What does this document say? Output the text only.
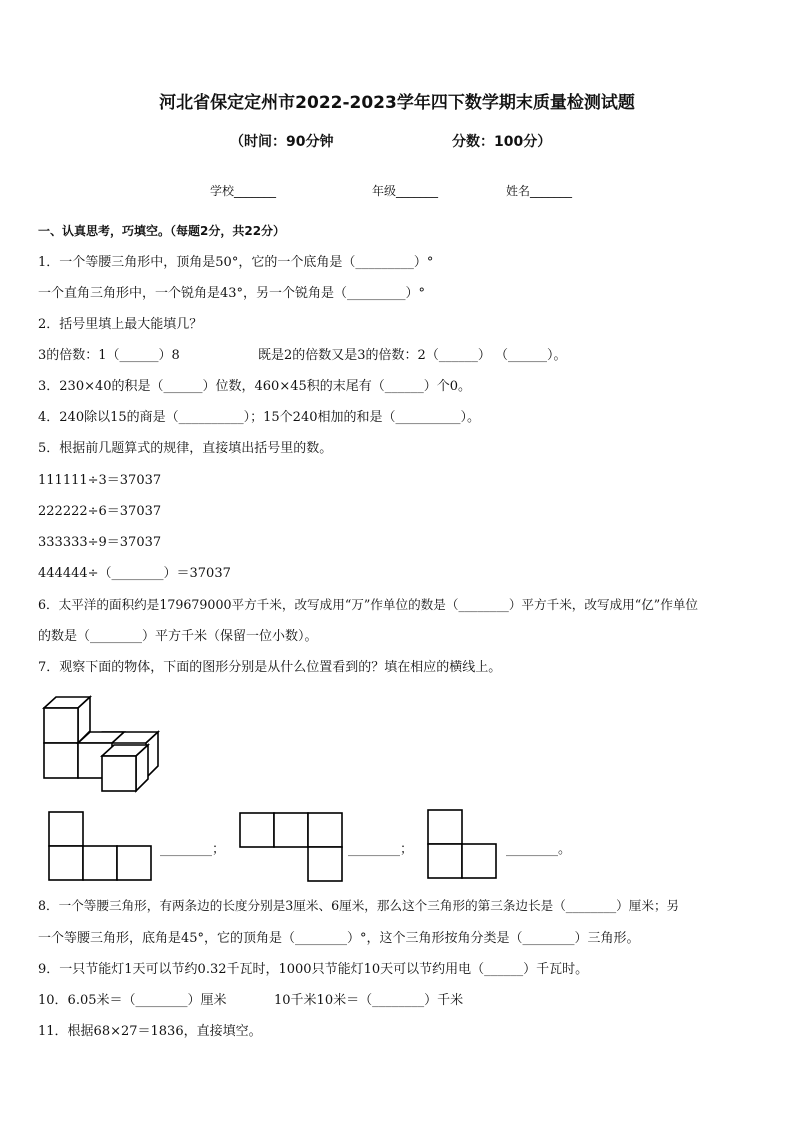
河北省保定定州市2022-2023学年四下数学期末质量检测试题
（时间：90分钟	分数：100分）
学校_______	年级_______	姓名_______
一、认真思考，巧填空。（每题2分，共22分）
1．一个等腰三角形中，顶角是50°，它的一个底角是（_________）°
一个直角三角形中，一个锐角是43°，另一个锐角是（_________）°
2．括号里填上最大能填几？
3的倍数：1（______）8	既是2的倍数又是3的倍数：2（______） （______）。
3．230×40的积是（______）位数，460×45积的末尾有（______）个0。
4．240除以15的商是（__________）；15个240相加的和是（__________）。
5．根据前几题算式的规律，直接填出括号里的数。
111111÷3＝37037
222222÷6＝37037
333333÷9＝37037
444444÷（________）＝37037
6．太平洋的面积约是179679000平方千米，改写成用“万”作单位的数是（________）平方千米，改写成用“亿”作单位
的数是（________）平方千米（保留一位小数）。
7．观察下面的物体，下面的图形分别是从什么位置看到的？填在相应的横线上。
________；	________；	________。
8．一个等腰三角形，有两条边的长度分别是3厘米、6厘米，那么这个三角形的第三条边长是（________）厘米；另
一个等腰三角形，底角是45°，它的顶角是（________）°，这个三角形按角分类是（________）三角形。
9．一只节能灯1天可以节约0.32千瓦时，1000只节能灯10天可以节约用电（______）千瓦时。
10．6.05米＝（________）厘米	10千米10米＝（________）千米
11．根据68×27＝1836，直接填空。
